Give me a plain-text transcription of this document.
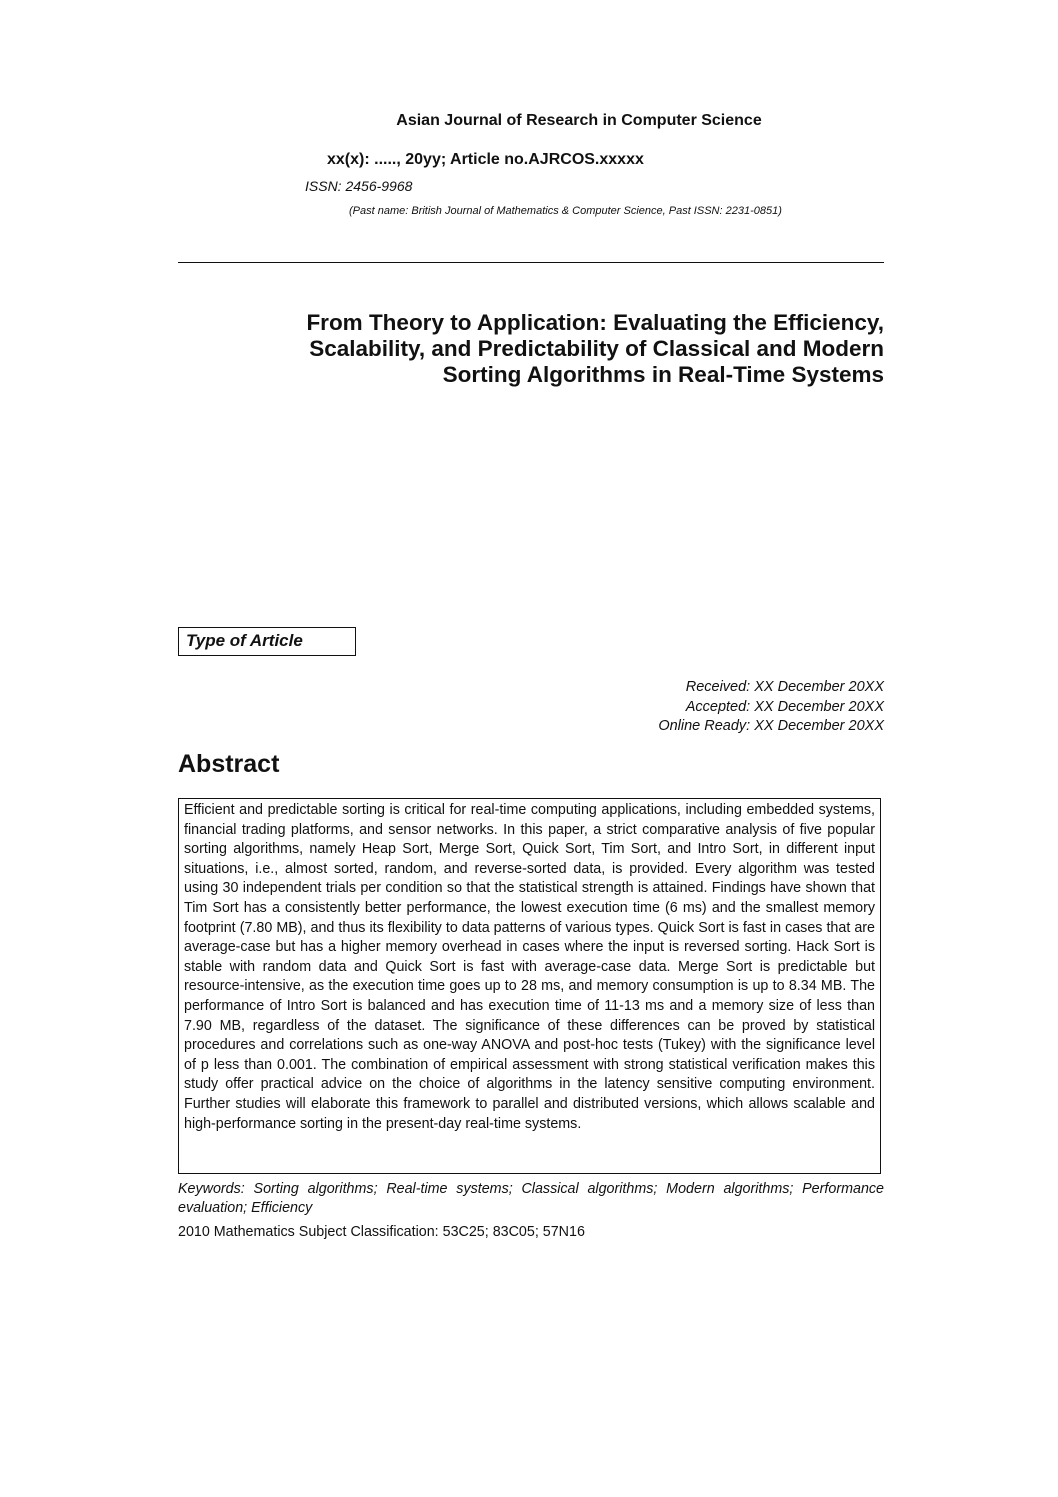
Asian Journal of Research in Computer Science
xx(x): ....., 20yy; Article no.AJRCOS.xxxxx
ISSN: 2456-9968
(Past name: British Journal of Mathematics & Computer Science, Past ISSN: 2231-0851)
From Theory to Application: Evaluating the Efficiency,
Scalability, and Predictability of Classical and Modern
Sorting Algorithms in Real-Time Systems
Type of Article
Received: XX December 20XX
Accepted: XX December 20XX
Online Ready: XX December 20XX
Abstract
Efficient and predictable sorting is critical for real-time computing applications, including embedded systems, financial trading platforms, and sensor networks. In this paper, a strict comparative analysis of five popular sorting algorithms, namely Heap Sort, Merge Sort, Quick Sort, Tim Sort, and Intro Sort, in different input situations, i.e., almost sorted, random, and reverse-sorted data, is provided. Every algorithm was tested using 30 independent trials per condition so that the statistical strength is attained. Findings have shown that Tim Sort has a consistently better performance, the lowest execution time (6 ms) and the smallest memory footprint (7.80 MB), and thus its flexibility to data patterns of various types. Quick Sort is fast in cases that are average-case but has a higher memory overhead in cases where the input is reversed sorting. Hack Sort is stable with random data and Quick Sort is fast with average-case data. Merge Sort is predictable but resource-intensive, as the execution time goes up to 28 ms, and memory consumption is up to 8.34 MB. The performance of Intro Sort is balanced and has execution time of 11-13 ms and a memory size of less than 7.90 MB, regardless of the dataset. The significance of these differences can be proved by statistical procedures and correlations such as one-way ANOVA and post-hoc tests (Tukey) with the significance level of p less than 0.001. The combination of empirical assessment with strong statistical verification makes this study offer practical advice on the choice of algorithms in the latency sensitive computing environment. Further studies will elaborate this framework to parallel and distributed versions, which allows scalable and high-performance sorting in the present-day real-time systems.
Keywords: Sorting algorithms; Real-time systems; Classical algorithms; Modern algorithms; Performance evaluation; Efficiency
2010 Mathematics Subject Classification: 53C25; 83C05; 57N16
